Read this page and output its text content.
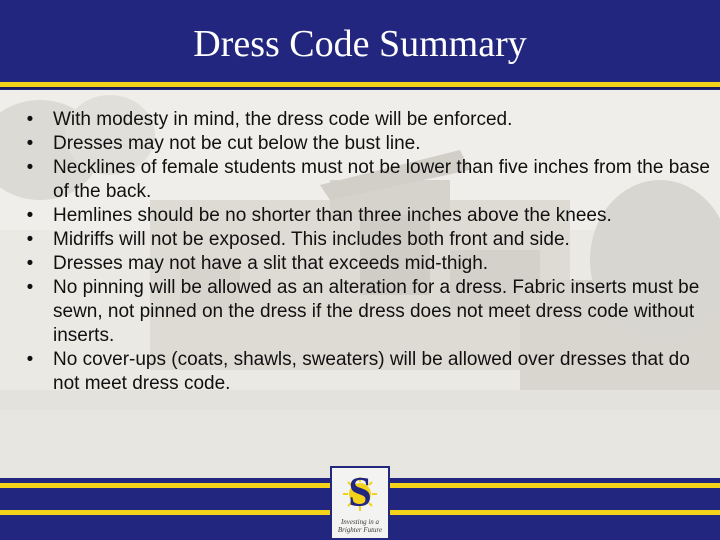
Dress Code Summary
• With modesty in mind, the dress code will be enforced.
• Dresses may not be cut below the bust line.
• Necklines of female students must not be lower than five inches from the base of the back.
• Hemlines should be no shorter than three inches above the knees.
• Midriffs will not be exposed. This includes both front and side.
• Dresses may not have a slit that exceeds mid-thigh.
• No pinning will be allowed as an alteration for a dress. Fabric inserts must be sewn, not pinned on the dress if the dress does not meet dress code without inserts.
• No cover-ups (coats, shawls, sweaters) will be allowed over dresses that do not meet dress code.
S
Investing in a Brighter Future
